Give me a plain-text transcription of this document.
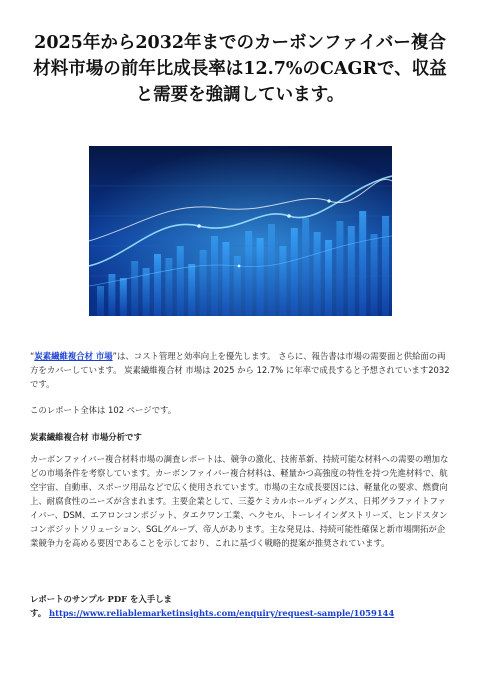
2025年から2032年までのカーボンファイバー複合材料市場の前年比成長率は12.7%のCAGRで、収益と需要を強調しています。

“炭素繊維複合材 市場”は、コスト管理と効率向上を優先します。 さらに、報告書は市場の需要面と供給面の両方をカバーしています。 炭素繊維複合材 市場は 2025 から 12.7% に年率で成長すると予想されています2032 です。

このレポート全体は 102 ページです。

炭素繊維複合材 市場分析です

カーボンファイバー複合材料市場の調査レポートは、競争の激化、技術革新、持続可能な材料への需要の増加などの市場条件を考察しています。カーボンファイバー複合材料は、軽量かつ高強度の特性を持つ先進材料で、航空宇宙、自動車、スポーツ用品などで広く使用されています。市場の主な成長要因には、軽量化の要求、燃費向上、耐腐食性のニーズが含まれます。主要企業として、三菱ケミカルホールディングス、日邦グラファイトファイバー、DSM、エアロンコンポジット、タエクワン工業、ヘクセル、トーレイインダストリーズ、ヒンドスタンコンポジットソリューション、SGLグループ、帝人があります。主な発見は、持続可能性確保と新市場開拓が企業競争力を高める要因であることを示しており、これに基づく戦略的提案が推奨されています。

レポートのサンプル PDF を入手しま
す。 https://www.reliablemarketinsights.com/enquiry/request-sample/1059144
